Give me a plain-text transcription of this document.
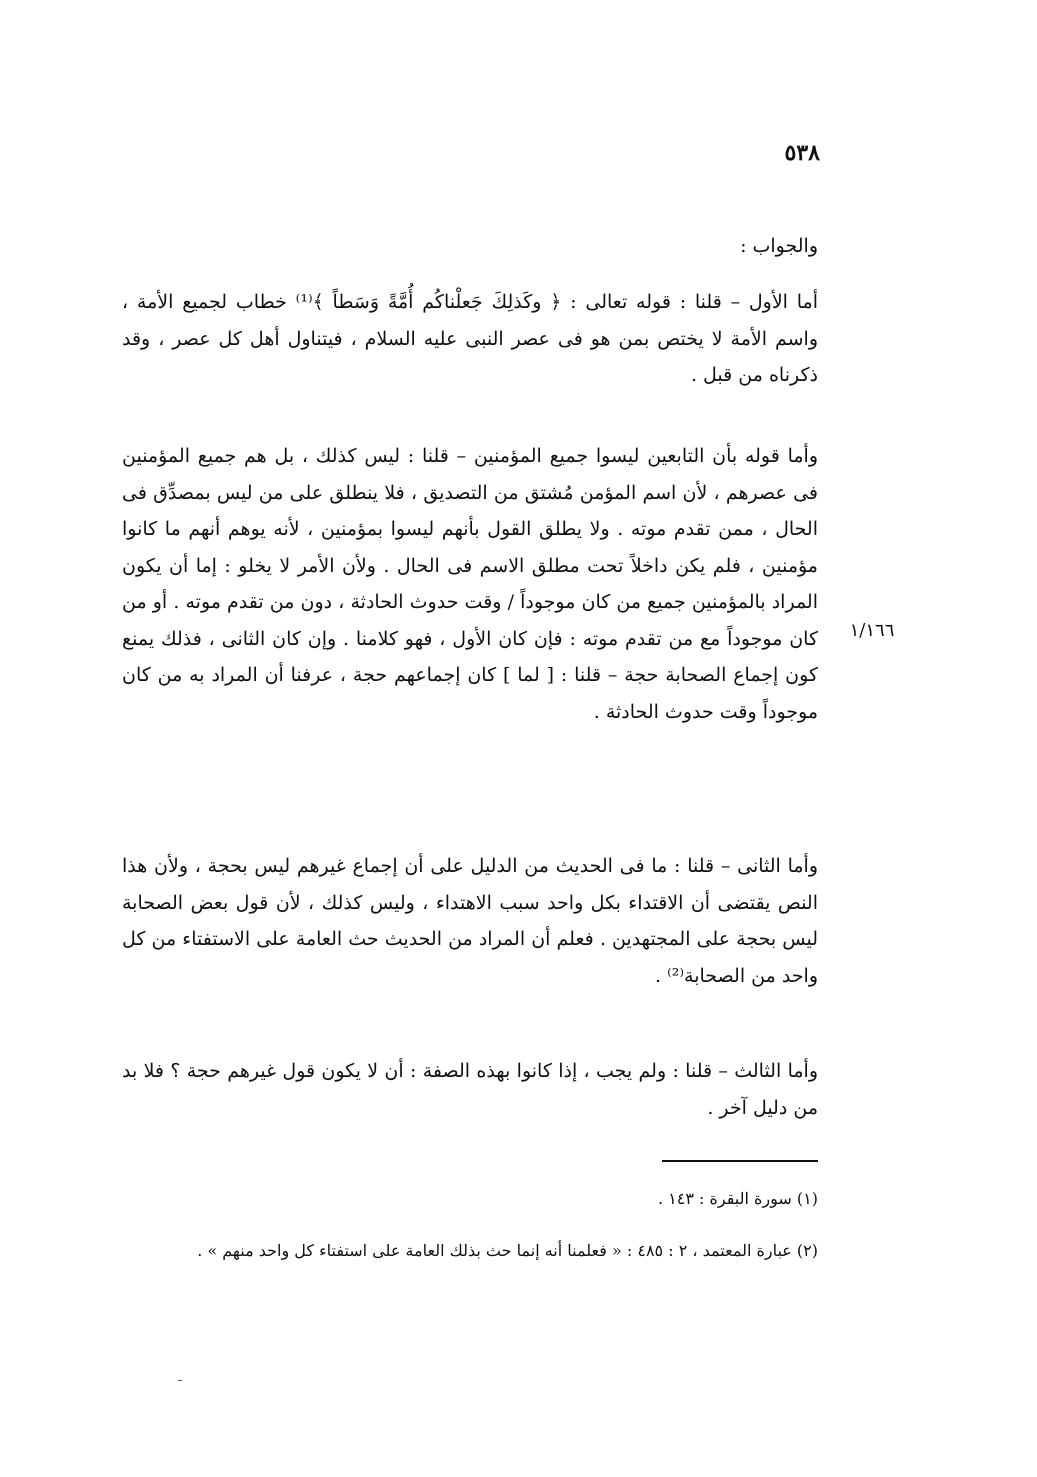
٥٣٨

والجواب :

أما الأول – قلنا : قوله تعالى : ﴿ وكَذلِكَ جَعلْناكُم أُمَّةً وَسَطاً ﴾⁽¹⁾ خطاب لجميع الأمة ، واسم الأمة لا يختص بمن هو فى عصر النبى عليه السلام ، فيتناول أهل كل عصر ، وقد ذكرناه من قبل .

وأما قوله بأن التابعين ليسوا جميع المؤمنين – قلنا : ليس كذلك ، بل هم جميع المؤمنين فى عصرهم ، لأن اسم المؤمن مُشتق من التصديق ، فلا ينطلق على من ليس بمصدِّق فى الحال ، ممن تقدم موته . ولا يطلق القول بأنهم ليسوا بمؤمنين ، لأنه يوهم أنهم ما كانوا مؤمنين ، فلم يكن داخلاً تحت مطلق الاسم فى الحال . ولأن الأمر لا يخلو : إما أن يكون المراد بالمؤمنين جميع من كان موجوداً / وقت حدوث الحادثة ، دون من تقدم موته . أو من كان موجوداً مع من تقدم موته : فإن كان الأول ، فهو كلامنا . وإن كان الثانى ، فذلك يمنع كون إجماع الصحابة حجة – قلنا : [ لما ] كان إجماعهم حجة ، عرفنا أن المراد به من كان موجوداً وقت حدوث الحادثة .

١/١٦٦

وأما الثانى – قلنا : ما فى الحديث من الدليل على أن إجماع غيرهم ليس بحجة ، ولأن هذا النص يقتضى أن الاقتداء بكل واحد سبب الاهتداء ، وليس كذلك ، لأن قول بعض الصحابة ليس بحجة على المجتهدين . فعلم أن المراد من الحديث حث العامة على الاستفتاء من كل واحد من الصحابة⁽²⁾ .

وأما الثالث – قلنا : ولم يجب ، إذا كانوا بهذه الصفة : أن لا يكون قول غيرهم حجة ؟ فلا بد من دليل آخر .

(١) سورة البقرة : ١٤٣ .

(٢) عبارة المعتمد ، ٢ : ٤٨٥ : « فعلمنا أنه إنما حث بذلك العامة على استفتاء كل واحد منهم » .
